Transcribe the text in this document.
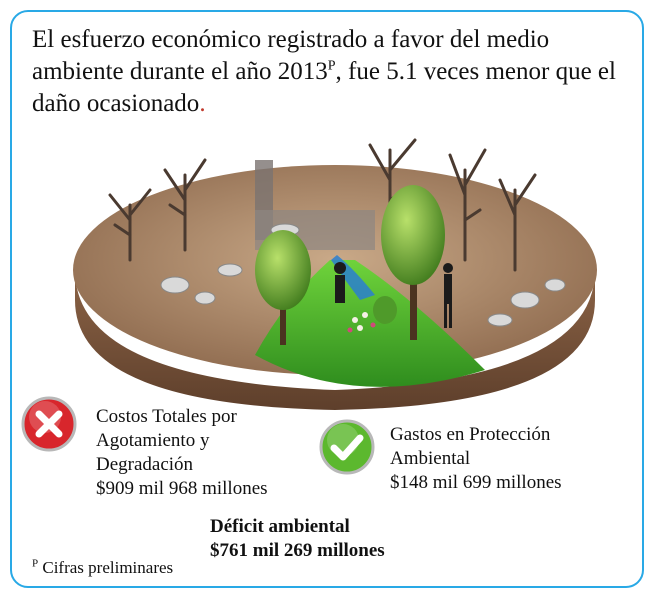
El esfuerzo económico registrado a favor del medio ambiente durante el año $2013^P$, fue 5.1 veces menor que el daño ocasionado.
Costos Totales por
Agotamiento y
Degradación
$909 mil 968 millones
Gastos en Protección
Ambiental
$148 mil 699 millones
Déficit ambiental
$761 mil 269 millones
$^P$ Cifras preliminares
